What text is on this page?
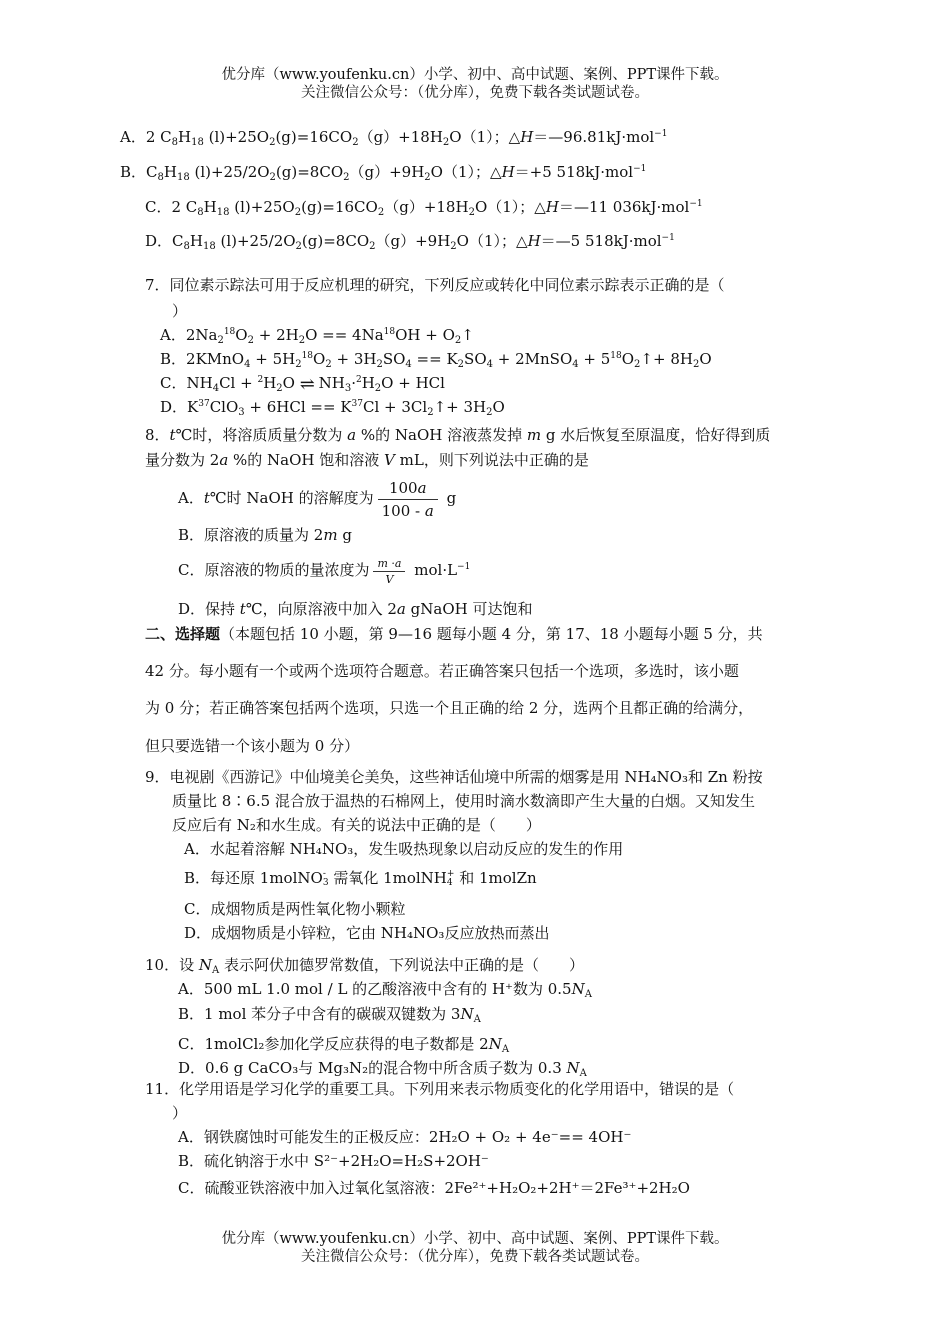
优分库（www.youfenku.cn）小学、初中、高中试题、案例、PPT课件下载。
关注微信公众号：（优分库），免费下载各类试题试卷。
A．2 $C_8H_{18}$ $(l)+25O_2(g)=16CO_2(g)+18H_2O(1)$；△H＝—96.81kJ·mol$^{-1}$
B．$C_8H_{18}$ $(l)+25/2O_2(g)=8CO_2(g)+9H_2O(1)$；△H＝+5 518kJ·mol$^{-1}$
C．2 $C_8H_{18}$ $(l)+25O_2(g)=16CO_2(g)+18H_2O(1)$；△H＝—11 036kJ·mol$^{-1}$
D．$C_8H_{18}$ $(l)+25/2O_2(g)=8CO_2(g)+9H_2O(1)$；△H＝—5 518kJ·mol$^{-1}$
7．同位素示踪法可用于反应机理的研究，下列反应或转化中同位素示踪表示正确的是（
）
A．$2Na_2^{18}O_2 + 2H_2O == 4Na^{18}OH$ + $O_2↑$
B．2KMnO$_4$ + $5H_2^{18}O_2 + 3H_2SO_4 == K_2SO_4$ + 2MnSO$_4$ + $5^{18}O_2↑+ 8H_2O$
C．$NH_4Cl + ^2H_2O$ ⇌ $NH_3\cdot^2H_2O$ + HCl
D．$K^{37}ClO_3 + 6HCl == K^{37}Cl$ + $3Cl_2↑+ 3H_2O$
8．t℃时，将溶质质量分数为 a %的 NaOH 溶液蒸发掉 m g 水后恢复至原温度，恰好得到质
量分数为 2a %的 NaOH 饱和溶液 V mL，则下列说法中正确的是
A．t℃时 NaOH 的溶解度为 $\frac{100a}{100 - a}$ g
B．原溶液的质量为 2m g
C．原溶液的物质的量浓度为 $\frac{m \cdot a}{V} mol\cdot L^{-1}$
D．保持 t℃，向原溶液中加入 2a gNaOH 可达饱和
二、选择题（本题包括 10 小题，第 9—16 题每小题 4 分，第 17、18 小题每小题 5 分，共
42 分。每小题有一个或两个选项符合题意。若正确答案只包括一个选项，多选时，该小题
为 0 分；若正确答案包括两个选项，只选一个且正确的给 2 分，选两个且都正确的给满分，
但只要选错一个该小题为 0 分）
9．电视剧《西游记》中仙境美仑美奂，这些神话仙境中所需的烟雾是用 NH₄NO₃和 Zn 粉按
质量比 8∶6.5 混合放于温热的石棉网上，使用时滴水数滴即产生大量的白烟。又知发生
反应后有 N₂和水生成。有关的说法中正确的是（　　）
A．水起着溶解 NH₄NO₃，发生吸热现象以启动反应的发生的作用
B．每还原 1molNO -
3 需氧化 1molNH +
4 和 1molZn
C．成烟物质是两性氧化物小颗粒
D．成烟物质是小锌粒，它由 NH₄NO₃反应放热而蒸出
10．设 $N_A$ 表示阿伏加德罗常数值，下列说法中正确的是（　　）
A．500 mL 1.0 mol / L 的乙酸溶液中含有的 H⁺数为 $0.5N_A$
B．1 mol 苯分子中含有的碳碳双键数为 $3N_A$
C．1molCl₂参加化学反应获得的电子数都是 $2N_A$
D．0.6 g CaCO₃与 Mg₃N₂的混合物中所含质子数为 0.3 $N_A$
11．化学用语是学习化学的重要工具。下列用来表示物质变化的化学用语中，错误的是（
）
A．钢铁腐蚀时可能发生的正极反应：2H₂O + O₂ + 4e⁻== 4OH⁻
B．硫化钠溶于水中 S²⁻+2H₂O=H₂S+2OH⁻
C．硫酸亚铁溶液中加入过氧化氢溶液：2Fe²⁺+H₂O₂+2H⁺＝2Fe³⁺+2H₂O
优分库（www.youfenku.cn）小学、初中、高中试题、案例、PPT课件下载。
关注微信公众号：（优分库），免费下载各类试题试卷。
